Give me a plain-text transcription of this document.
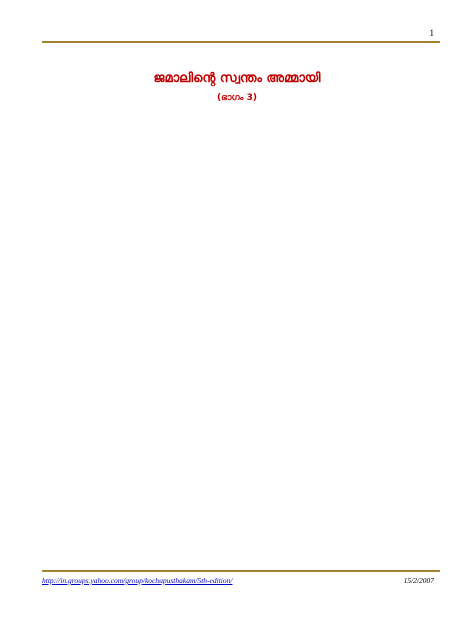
1
ജമാലിന്റെ സ്വന്തം അമ്മായി
(ഭാഗം 3)
http://in.groups.yahoo.com/group/kochupusthakam/5th-edition/	15/2/2007
